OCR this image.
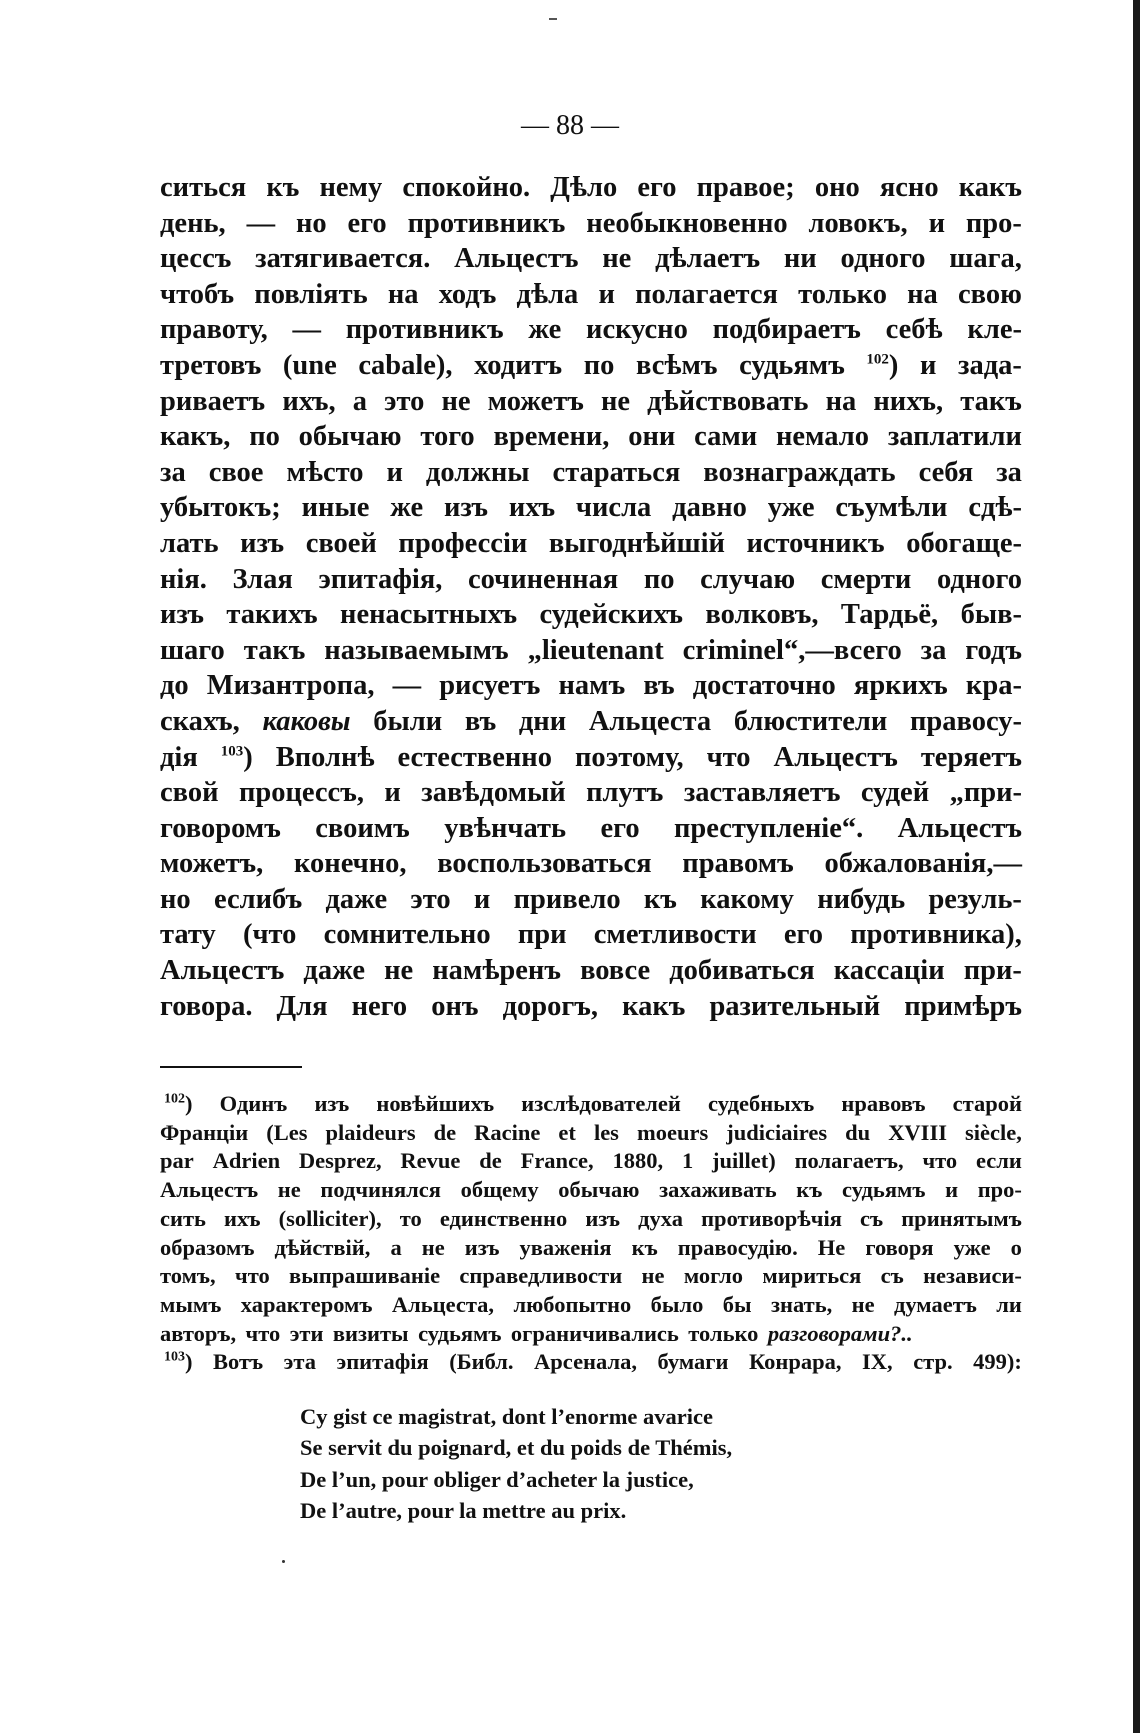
— 88 —
ситься къ нему спокойно. Дѣло его правое; оно ясно какъ
день, — но его противникъ необыкновенно ловокъ, и про-
цессъ затягивается. Альцестъ не дѣлаетъ ни одного шага,
чтобъ повліять на ходъ дѣла и полагается только на свою
правоту, — противникъ же искусно подбираетъ себѣ кле-
третовъ (une cabale), ходитъ по всѣмъ судьямъ $^{102}$) и зада-
риваетъ ихъ, а это не можетъ не дѣйствовать на нихъ, такъ
какъ, по обычаю того времени, они сами немало заплатили
за свое мѣсто и должны стараться вознаграждать себя за
убытокъ; иные же изъ ихъ числа давно уже съумѣли сдѣ-
лать изъ своей профессіи выгоднѣйшій источникъ обогаще-
нія. Злая эпитафія, сочиненная по случаю смерти одного
изъ такихъ ненасытныхъ судейскихъ волковъ, Тардьё, быв-
шаго такъ называемымъ „lieutenant criminel“,—всего за годъ
до Мизантропа, — рисуетъ намъ въ достаточно яркихъ кра-
скахъ, каковы были въ дни Альцеста блюстители правосу-
дія $^{103}$) Вполнѣ естественно поэтому, что Альцестъ теряетъ
свой процессъ, и завѣдомый плутъ заставляетъ судей „при-
говоромъ своимъ увѣнчать его преступленіе“. Альцестъ
можетъ, конечно, воспользоваться правомъ обжалованія,—
но еслибъ даже это и привело къ какому нибудь резуль-
тату (что сомнительно при сметливости его противника),
Альцестъ даже не намѣренъ вовсе добиваться кассаціи при-
говора. Для него онъ дорогъ, какъ разительный примѣръ
$^{102}$) Одинъ изъ новѣйшихъ изслѣдователей судебныхъ нравовъ старой
Франціи (Les plaideurs de Racine et les moeurs judiciaires du XVIII siècle,
par Adrien Desprez, Revue de France, 1880, 1 juillet) полагаетъ, что если
Альцестъ не подчинялся общему обычаю захаживать къ судьямъ и про-
сить ихъ (solliciter), то единственно изъ духа противорѣчія съ принятымъ
образомъ дѣйствій, а не изъ уваженія къ правосудію. Не говоря уже о
томъ, что выпрашиваніе справедливости не могло мириться съ независи-
мымъ характеромъ Альцеста, любопытно было бы знать, не думаетъ ли
авторъ, что эти визиты судьямъ ограничивались только разговорами?..
$^{103}$) Вотъ эта эпитафія (Библ. Арсенала, бумаги Конрара, IX, стр. 499):
Cy gist ce magistrat, dont l’enorme avarice
Se servit du poignard, et du poids de Thémis,
De l’un, pour obliger d’acheter la justice,
De l’autre, pour la mettre au prix.
